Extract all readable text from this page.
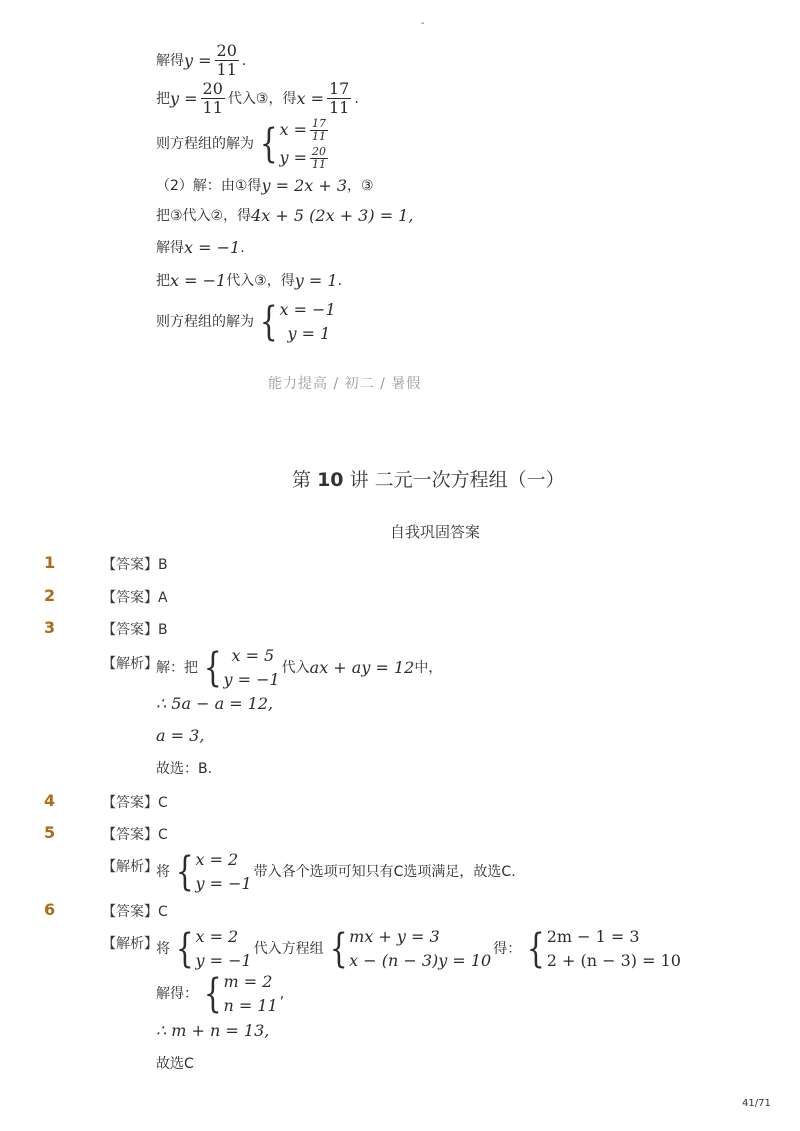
-
解得 $y = \frac{20}{11}$ .
把 $y = \frac{20}{11}$ 代入③，得 $x = \frac{17}{11}$ .
则方程组的解为 { $x = \frac{17}{11}$
$y = \frac{20}{11}$
（2）解：由①得 y = 2x + 3 ，③
把③代入②，得 4x + 5 (2x + 3) = 1,
解得 x = −1 .
把 x = −1 代入③，得 y = 1 .
则方程组的解为 { x = −1
y = 1
能力提高 / 初二 / 暑假
第 10 讲 二元一次方程组（一）
自我巩固答案
1	【答案】B
2	【答案】A
3	【答案】B
【解析】
解：把 { x = 5
y = −1
代入 ax + ay = 12 中，
∴ 5a − a = 12,
a = 3,
故选：B.
4	【答案】C
5	【答案】C
【解析】
将 { x = 2
y = −1
带入各个选项可知只有C选项满足，故选C.
6	【答案】C
【解析】
将 { x = 2
y = −1
代入方程组 { mx + y = 3
x − (n − 3)y = 10
得： { 2m − 1 = 3
2 + (n − 3) = 10
解得： { m = 2
n = 11
,
∴ m + n = 13,
故选C
41/71
